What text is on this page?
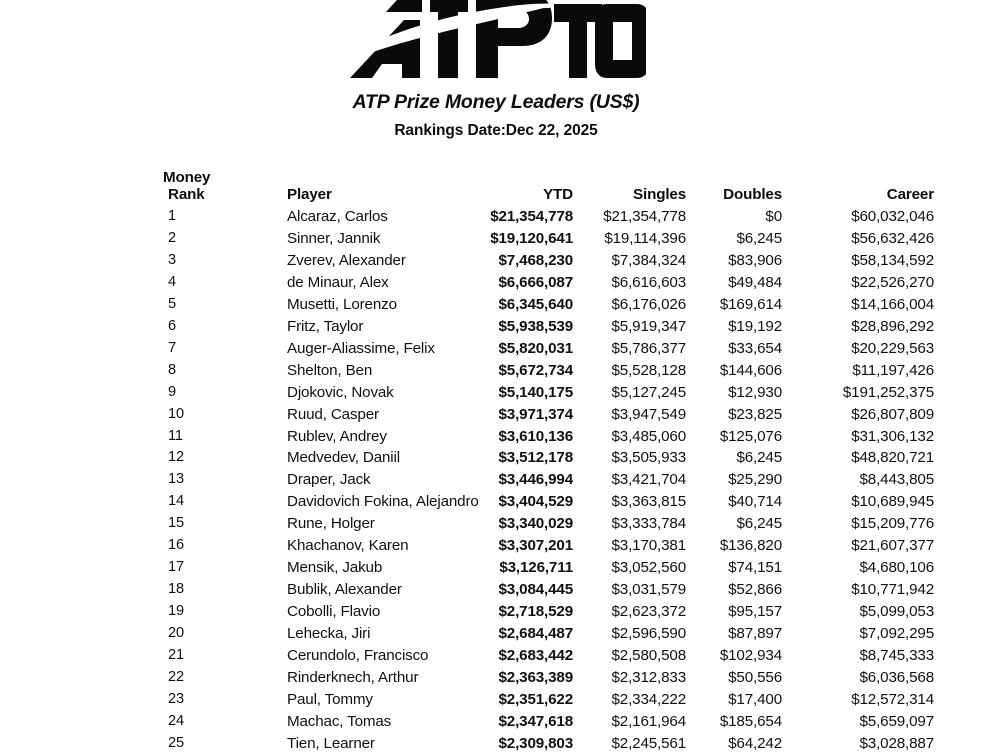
ATP Prize Money Leaders (US$)
Rankings Date:Dec 22, 2025
Money
Rank	Player	YTD	Singles	Doubles	Career

1	Alcaraz, Carlos	$21,354,778	$21,354,778	$0	$60,032,046
2	Sinner, Jannik	$19,120,641	$19,114,396	$6,245	$56,632,426
3	Zverev, Alexander	$7,468,230	$7,384,324	$83,906	$58,134,592
4	de Minaur, Alex	$6,666,087	$6,616,603	$49,484	$22,526,270
5	Musetti, Lorenzo	$6,345,640	$6,176,026	$169,614	$14,166,004
6	Fritz, Taylor	$5,938,539	$5,919,347	$19,192	$28,896,292
7	Auger-Aliassime, Felix	$5,820,031	$5,786,377	$33,654	$20,229,563
8	Shelton, Ben	$5,672,734	$5,528,128	$144,606	$11,197,426
9	Djokovic, Novak	$5,140,175	$5,127,245	$12,930	$191,252,375
10	Ruud, Casper	$3,971,374	$3,947,549	$23,825	$26,807,809
11	Rublev, Andrey	$3,610,136	$3,485,060	$125,076	$31,306,132
12	Medvedev, Daniil	$3,512,178	$3,505,933	$6,245	$48,820,721
13	Draper, Jack	$3,446,994	$3,421,704	$25,290	$8,443,805
14	Davidovich Fokina, Alejandro	$3,404,529	$3,363,815	$40,714	$10,689,945
15	Rune, Holger	$3,340,029	$3,333,784	$6,245	$15,209,776
16	Khachanov, Karen	$3,307,201	$3,170,381	$136,820	$21,607,377
17	Mensik, Jakub	$3,126,711	$3,052,560	$74,151	$4,680,106
18	Bublik, Alexander	$3,084,445	$3,031,579	$52,866	$10,771,942
19	Cobolli, Flavio	$2,718,529	$2,623,372	$95,157	$5,099,053
20	Lehecka, Jiri	$2,684,487	$2,596,590	$87,897	$7,092,295
21	Cerundolo, Francisco	$2,683,442	$2,580,508	$102,934	$8,745,333
22	Rinderknech, Arthur	$2,363,389	$2,312,833	$50,556	$6,036,568
23	Paul, Tommy	$2,351,622	$2,334,222	$17,400	$12,572,314
24	Machac, Tomas	$2,347,618	$2,161,964	$185,654	$5,659,097
25	Tien, Learner	$2,309,803	$2,245,561	$64,242	$3,028,887
